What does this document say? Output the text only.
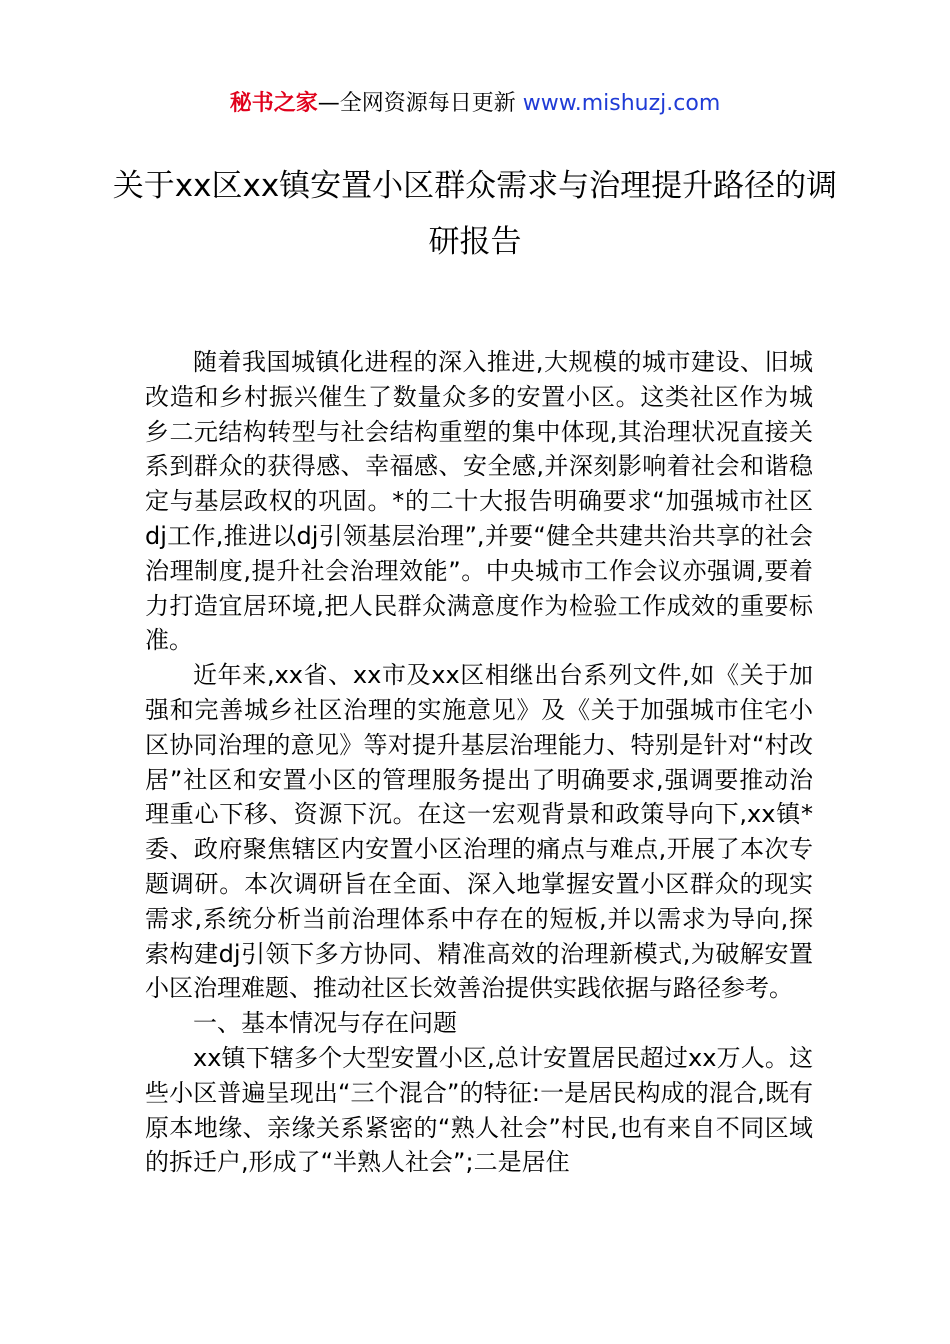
秘书之家—全网资源每日更新 www.mishuzj.com
关于xx区xx镇安置小区群众需求与治理提升路径的调研报告

随着我国城镇化进程的深入推进,大规模的城市建设、旧城改造和乡村振兴催生了数量众多的安置小区。这类社区作为城乡二元结构转型与社会结构重塑的集中体现,其治理状况直接关系到群众的获得感、幸福感、安全感,并深刻影响着社会和谐稳定与基层政权的巩固。*的二十大报告明确要求“加强城市社区dj工作,推进以dj引领基层治理”,并要“健全共建共治共享的社会治理制度,提升社会治理效能”。中央城市工作会议亦强调,要着力打造宜居环境,把人民群众满意度作为检验工作成效的重要标准。

近年来,xx省、xx市及xx区相继出台系列文件,如《关于加强和完善城乡社区治理的实施意见》及《关于加强城市住宅小区协同治理的意见》等对提升基层治理能力、特别是针对“村改居”社区和安置小区的管理服务提出了明确要求,强调要推动治理重心下移、资源下沉。在这一宏观背景和政策导向下,xx镇*委、政府聚焦辖区内安置小区治理的痛点与难点,开展了本次专题调研。本次调研旨在全面、深入地掌握安置小区群众的现实需求,系统分析当前治理体系中存在的短板,并以需求为导向,探索构建dj引领下多方协同、精准高效的治理新模式,为破解安置小区治理难题、推动社区长效善治提供实践依据与路径参考。

一、基本情况与存在问题

xx镇下辖多个大型安置小区,总计安置居民超过xx万人。这些小区普遍呈现出“三个混合”的特征:一是居民构成的混合,既有原本地缘、亲缘关系紧密的“熟人社会”村民,也有来自不同区域的拆迁户,形成了“半熟人社会”;二是居住
